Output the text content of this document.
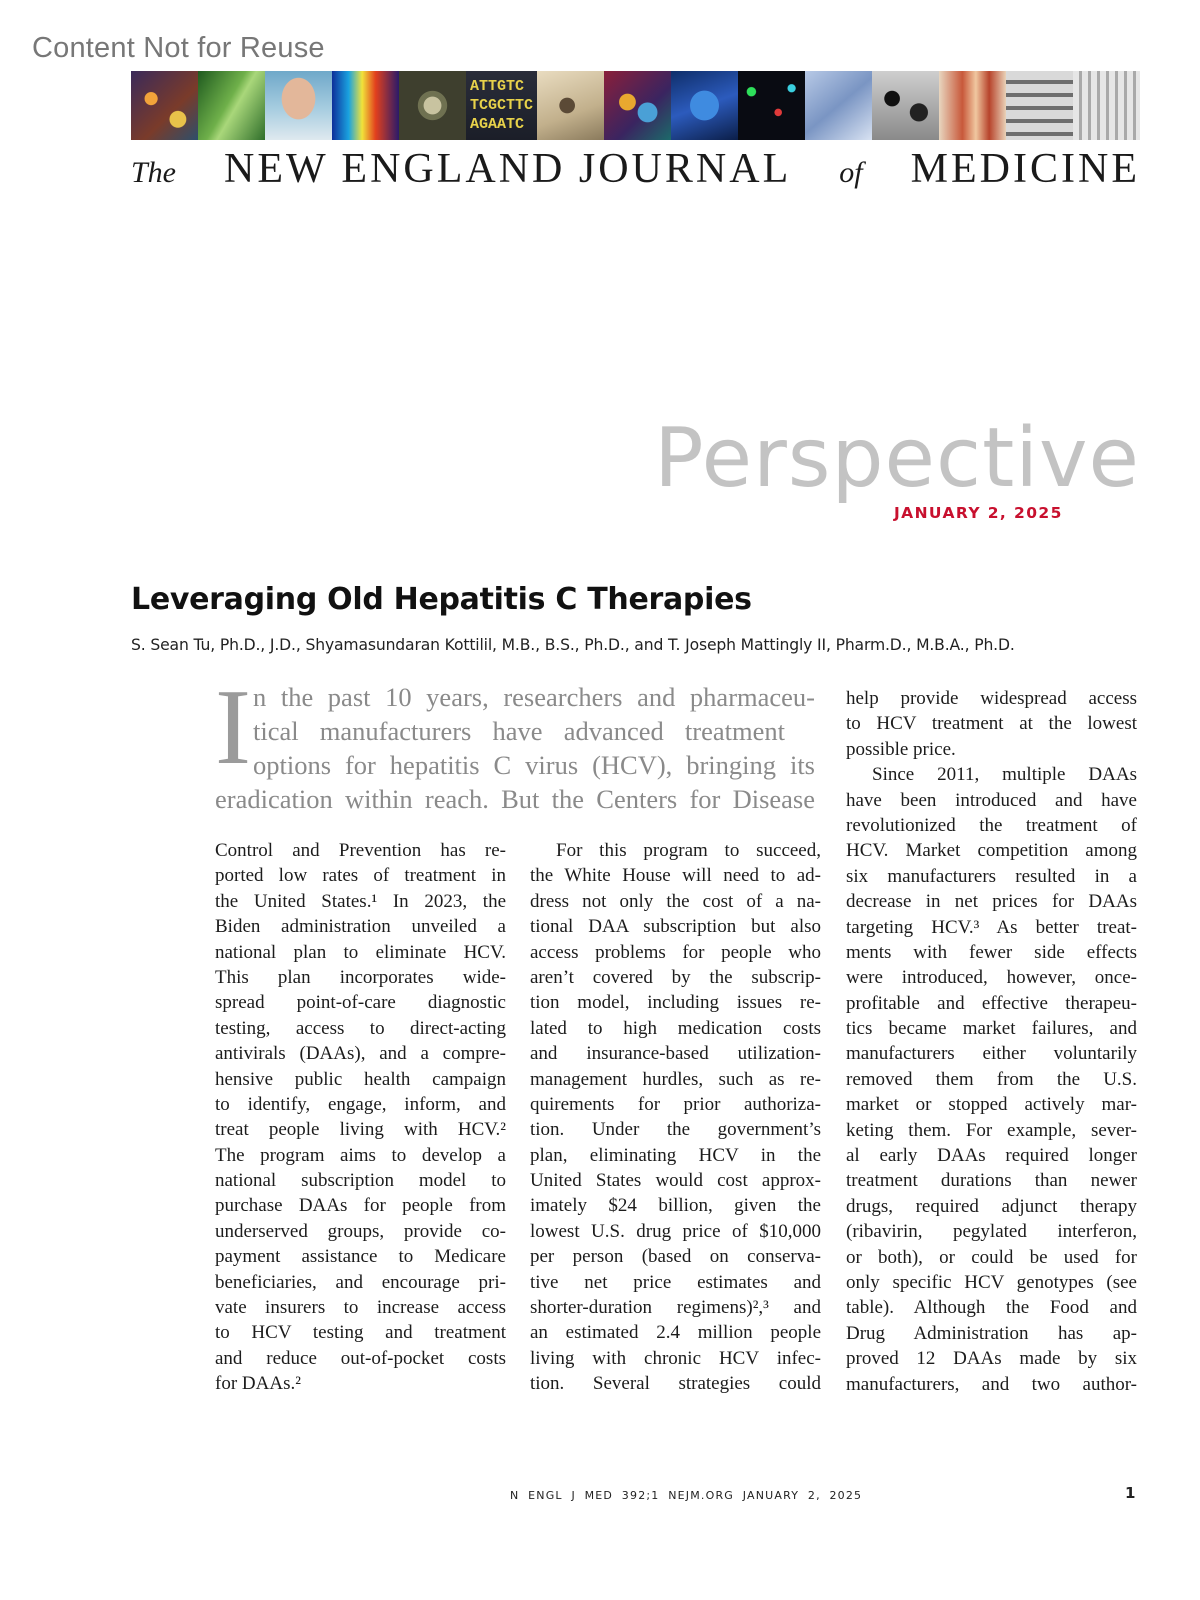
Content Not for Reuse
ATTGTC
TCGCTTC
AGAATC
The NEW ENGLAND JOURNAL of MEDICINE
Perspective
JANUARY 2, 2025
Leveraging Old Hepatitis C Therapies
S. Sean Tu, Ph.D., J.D., Shyamasundaran Kottilil, M.B., B.S., Ph.D., and T. Joseph Mattingly II, Pharm.D., M.B.A., Ph.D.
I n the past 10 years, researchers and pharmaceu-
tical manufacturers have advanced treatment
options for hepatitis C virus (HCV), bringing its
eradication within reach. But the Centers for Disease
Control and Prevention has re-
ported low rates of treatment in
the United States.¹ In 2023, the
Biden administration unveiled a
national plan to eliminate HCV.
This plan incorporates wide-
spread point-of-care diagnostic
testing, access to direct-acting
antivirals (DAAs), and a compre-
hensive public health campaign
to identify, engage, inform, and
treat people living with HCV.²
The program aims to develop a
national subscription model to
purchase DAAs for people from
underserved groups, provide co-
payment assistance to Medicare
beneficiaries, and encourage pri-
vate insurers to increase access
to HCV testing and treatment
and reduce out-of-pocket costs
for DAAs.²
For this program to succeed,
the White House will need to ad-
dress not only the cost of a na-
tional DAA subscription but also
access problems for people who
aren’t covered by the subscrip-
tion model, including issues re-
lated to high medication costs
and insurance-based utilization-
management hurdles, such as re-
quirements for prior authoriza-
tion. Under the government’s
plan, eliminating HCV in the
United States would cost approx-
imately $24 billion, given the
lowest U.S. drug price of $10,000
per person (based on conserva-
tive net price estimates and
shorter-duration regimens)²,³ and
an estimated 2.4 million people
living with chronic HCV infec-
tion. Several strategies could
help provide widespread access
to HCV treatment at the lowest
possible price.
Since 2011, multiple DAAs
have been introduced and have
revolutionized the treatment of
HCV. Market competition among
six manufacturers resulted in a
decrease in net prices for DAAs
targeting HCV.³ As better treat-
ments with fewer side effects
were introduced, however, once-
profitable and effective therapeu-
tics became market failures, and
manufacturers either voluntarily
removed them from the U.S.
market or stopped actively mar-
keting them. For example, sever-
al early DAAs required longer
treatment durations than newer
drugs, required adjunct therapy
(ribavirin, pegylated interferon,
or both), or could be used for
only specific HCV genotypes (see
table). Although the Food and
Drug Administration has ap-
proved 12 DAAs made by six
manufacturers, and two author-
N ENGL J MED 392;1 NEJM.ORG JANUARY 2, 2025	1
